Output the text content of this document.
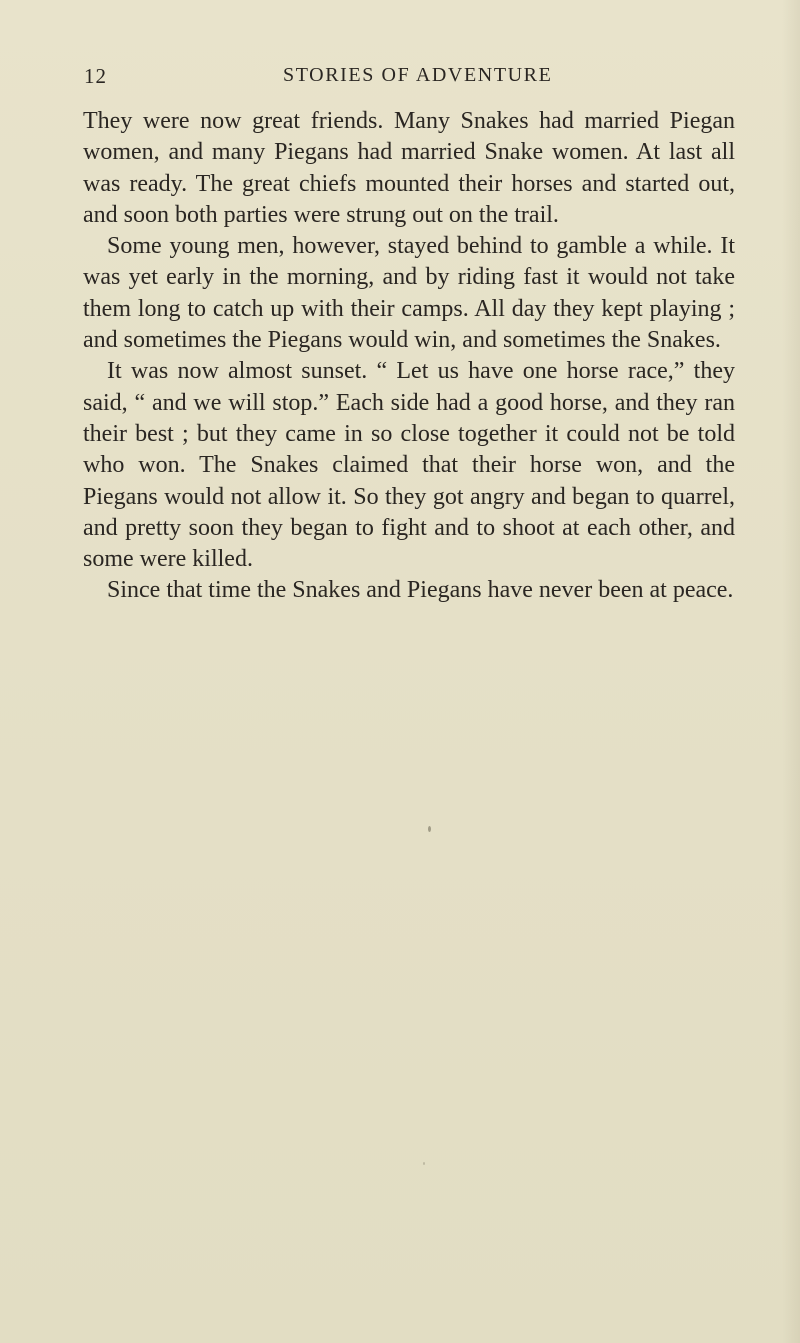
12	STORIES OF ADVENTURE

They were now great friends. Many Snakes had married Piegan women, and many Piegans had married Snake women. At last all was ready. The great chiefs mounted their horses and started out, and soon both parties were strung out on the trail.

Some young men, however, stayed behind to gamble a while. It was yet early in the morning, and by riding fast it would not take them long to catch up with their camps. All day they kept playing ; and sometimes the Piegans would win, and sometimes the Snakes.

It was now almost sunset. “ Let us have one horse race,” they said, “ and we will stop.” Each side had a good horse, and they ran their best ; but they came in so close together it could not be told who won. The Snakes claimed that their horse won, and the Piegans would not allow it. So they got angry and began to quarrel, and pretty soon they began to fight and to shoot at each other, and some were killed.

Since that time the Snakes and Piegans have never been at peace.
